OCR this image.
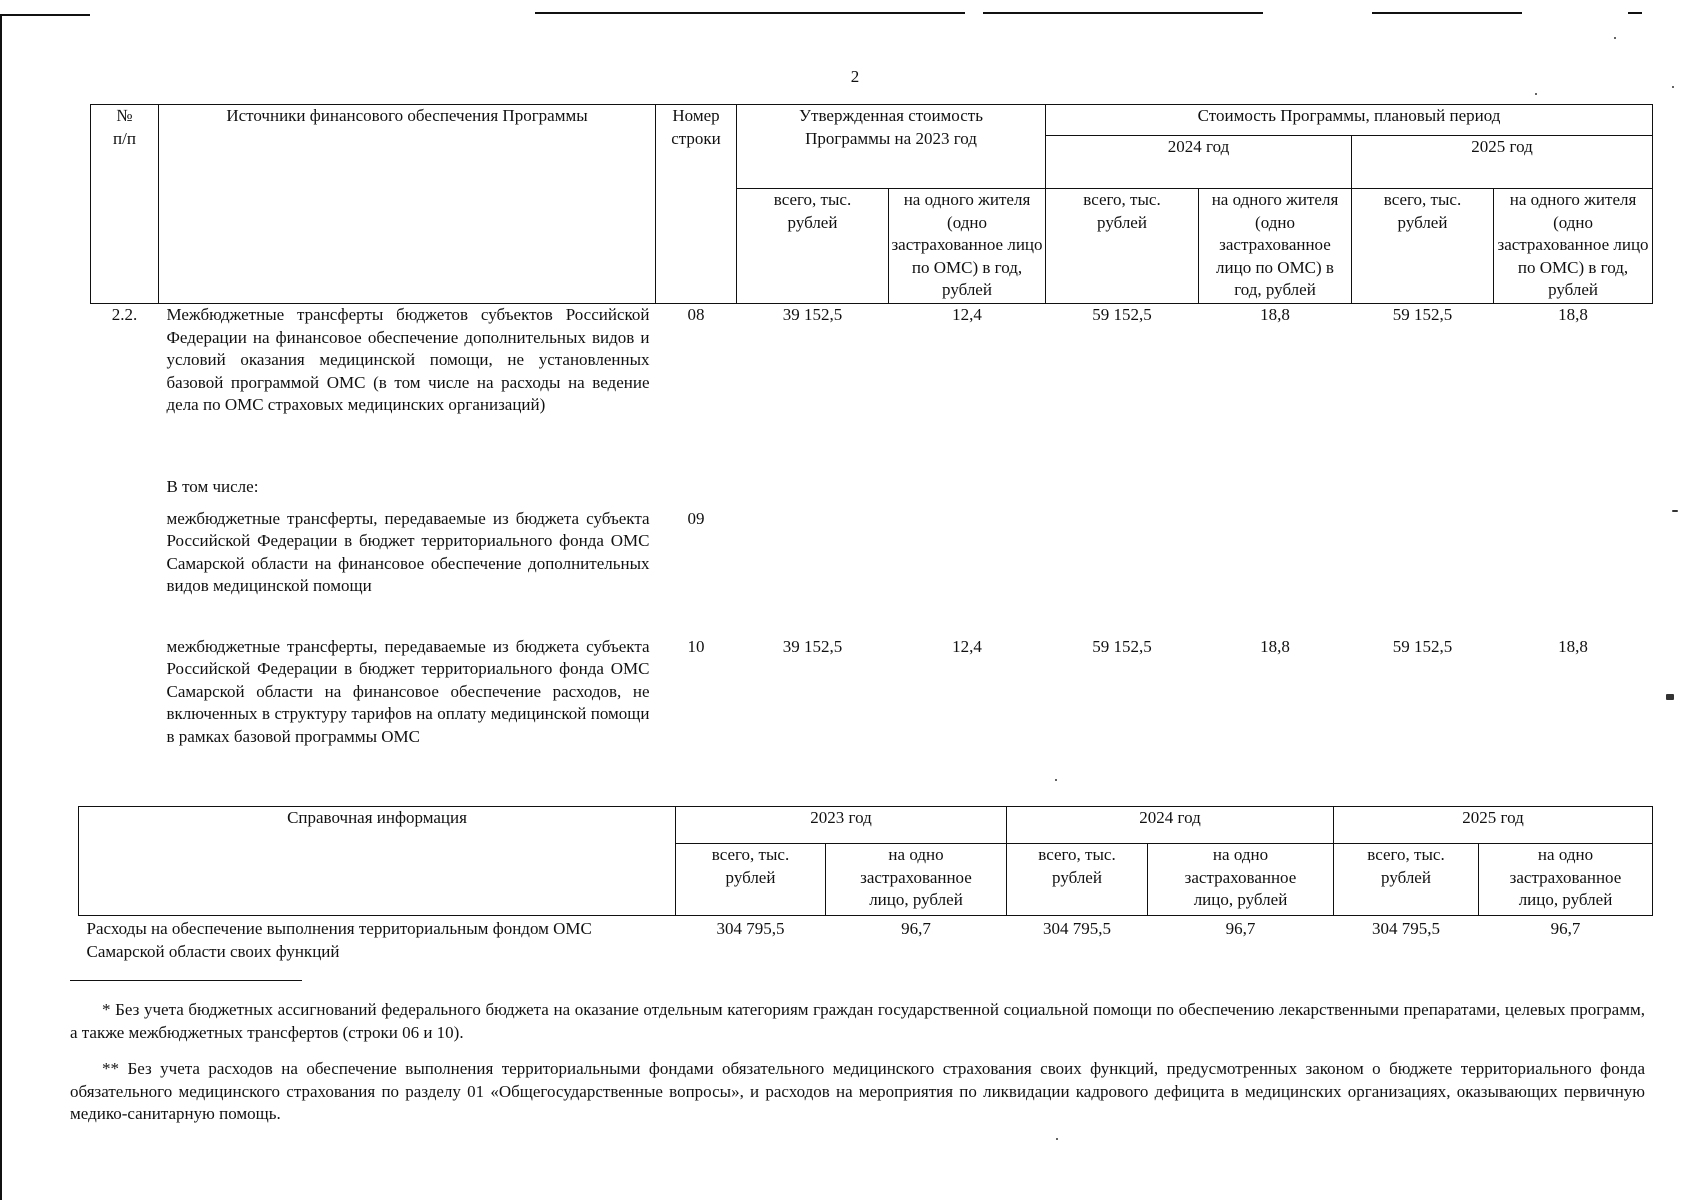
2
№ п/п	Источники финансового обеспечения Программы	Номер строки	Утвержденная стоимость Программы на 2023 год		Стоимость Программы, плановый период			
					2024 год		2025 год	
			всего, тыс. рублей	на одного жителя (одно застрахованное лицо по ОМС) в год, рублей	всего, тыс. рублей	на одного жителя (одно застрахованное лицо по ОМС) в год, рублей	всего, тыс. рублей	на одного жителя (одно застрахованное лицо по ОМС) в год, рублей
2.2.	Межбюджетные трансферты бюджетов субъектов Российской Федерации на финансовое обеспечение дополнительных видов и условий оказания медицинской помощи, не установленных базовой программой ОМС (в том числе на расходы на ведение дела по ОМС страховых медицинских организаций)	08	39 152,5	12,4	59 152,5	18,8	59 152,5	18,8
	В том числе:							
	межбюджетные трансферты, передаваемые из бюджета субъекта Российской Федерации в бюджет территориального фонда ОМС Самарской области на финансовое обеспечение дополнительных видов медицинской помощи	09						
	межбюджетные трансферты, передаваемые из бюджета субъекта Российской Федерации в бюджет территориального фонда ОМС Самарской области на финансовое обеспечение расходов, не включенных в структуру тарифов на оплату медицинской помощи в рамках базовой программы ОМС	10	39 152,5	12,4	59 152,5	18,8	59 152,5	18,8
Справочная информация	2023 год		2024 год		2025 год	
	всего, тыс. рублей	на одно застрахованное лицо, рублей	всего, тыс. рублей	на одно застрахованное лицо, рублей	всего, тыс. рублей	на одно застрахованное лицо, рублей
Расходы на обеспечение выполнения территориальным фондом ОМС Самарской области своих функций	304 795,5	96,7	304 795,5	96,7	304 795,5	96,7
* Без учета бюджетных ассигнований федерального бюджета на оказание отдельным категориям граждан государственной социальной помощи по обеспечению лекарственными препаратами, целевых программ, а также межбюджетных трансфертов (строки 06 и 10).
** Без учета расходов на обеспечение выполнения территориальными фондами обязательного медицинского страхования своих функций, предусмотренных законом о бюджете территориального фонда обязательного медицинского страхования по разделу 01 «Общегосударственные вопросы», и расходов на мероприятия по ликвидации кадрового дефицита в медицинских организациях, оказывающих первичную медико-санитарную помощь.
